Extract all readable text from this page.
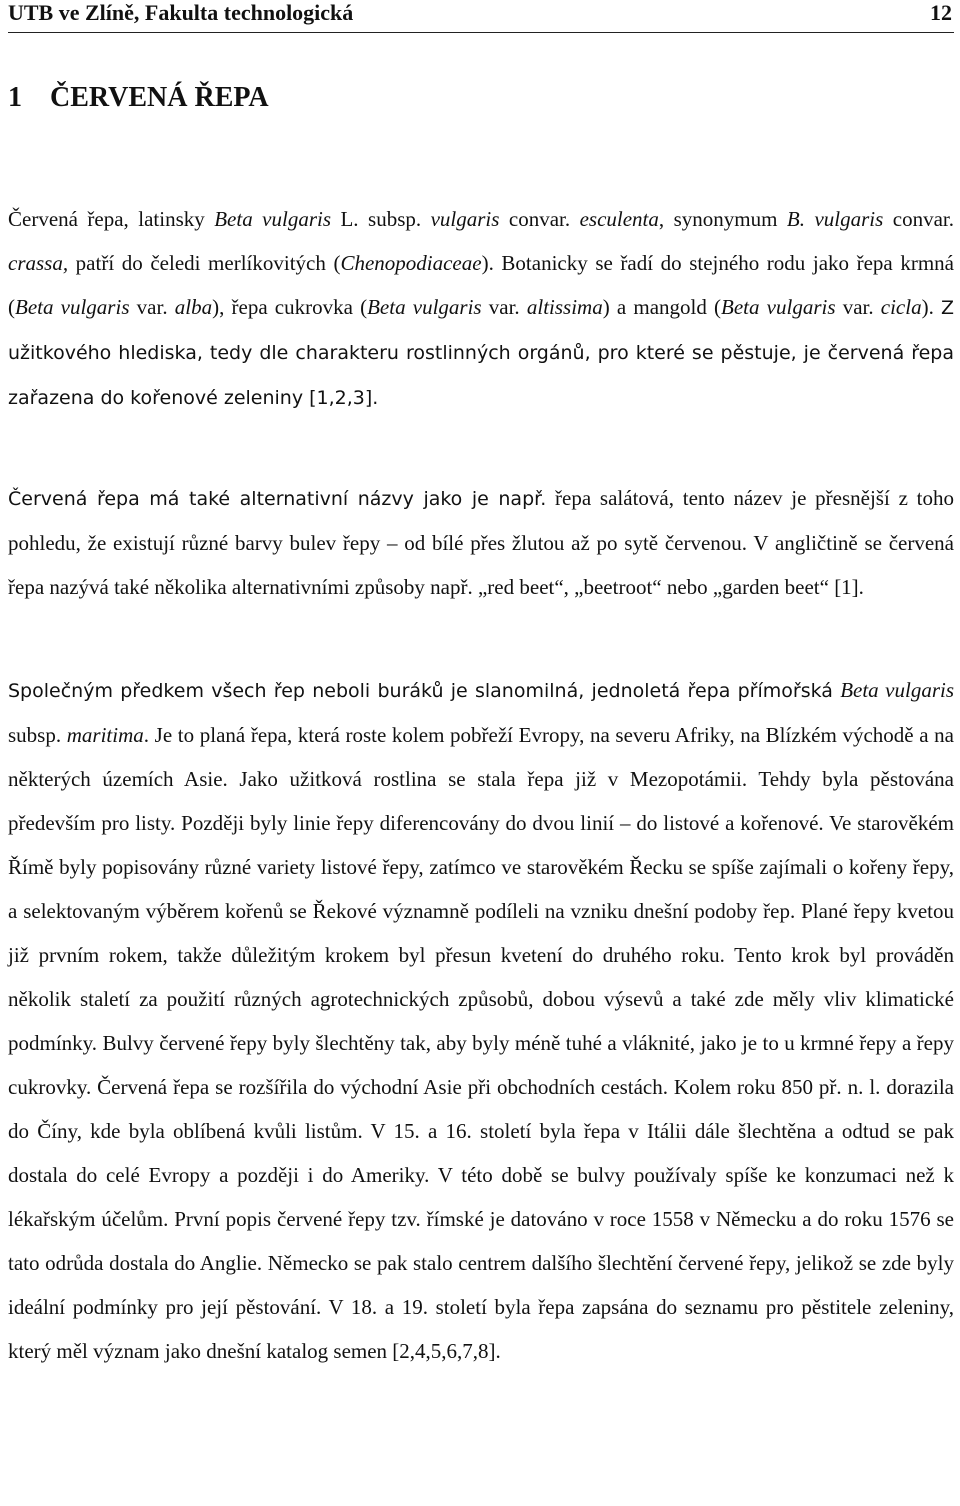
UTB ve Zlíně, Fakulta technologická	12
1 ČERVENÁ ŘEPA

Červená řepa, latinsky Beta vulgaris L. subsp. vulgaris convar. esculenta, synonymum B. vulgaris convar. crassa, patří do čeledi merlíkovitých (Chenopodiaceae). Botanicky se řadí do stejného rodu jako řepa krmná (Beta vulgaris var. alba), řepa cukrovka (Beta vulgaris var. altissima) a mangold (Beta vulgaris var. cicla). Z užitkového hlediska, tedy dle charakteru rostlinných orgánů, pro které se pěstuje, je červená řepa zařazena do kořenové zeleniny [1,2,3].

Červená řepa má také alternativní názvy jako je např. řepa salátová, tento název je přesnější z toho pohledu, že existují různé barvy bulev řepy – od bílé přes žlutou až po sytě červenou. V angličtině se červená řepa nazývá také několika alternativními způsoby např. „red beet“, „beetroot“ nebo „garden beet“ [1].

Společným předkem všech řep neboli buráků je slanomilná, jednoletá řepa přímořská Beta vulgaris subsp. maritima. Je to planá řepa, která roste kolem pobřeží Evropy, na severu Afriky, na Blízkém východě a na některých územích Asie. Jako užitková rostlina se stala řepa již v Mezopotámii. Tehdy byla pěstována především pro listy. Později byly linie řepy diferencovány do dvou linií – do listové a kořenové. Ve starověkém Římě byly popisovány různé variety listové řepy, zatímco ve starověkém Řecku se spíše zajímali o kořeny řepy, a selektovaným výběrem kořenů se Řekové významně podíleli na vzniku dnešní podoby řep. Plané řepy kvetou již prvním rokem, takže důležitým krokem byl přesun kvetení do druhého roku. Tento krok byl prováděn několik staletí za použití různých agrotechnických způsobů, dobou výsevů a také zde měly vliv klimatické podmínky. Bulvy červené řepy byly šlechtěny tak, aby byly méně tuhé a vláknité, jako je to u krmné řepy a řepy cukrovky. Červená řepa se rozšířila do východní Asie při obchodních cestách. Kolem roku 850 př. n. l. dorazila do Číny, kde byla oblíbená kvůli listům. V 15. a 16. století byla řepa v Itálii dále šlechtěna a odtud se pak dostala do celé Evropy a později i do Ameriky. V této době se bulvy používaly spíše ke konzumaci než k lékařským účelům. První popis červené řepy tzv. římské je datováno v roce 1558 v Německu a do roku 1576 se tato odrůda dostala do Anglie. Německo se pak stalo centrem dalšího šlechtění červené řepy, jelikož se zde byly ideální podmínky pro její pěstování. V 18. a 19. století byla řepa zapsána do seznamu pro pěstitele zeleniny, který měl význam jako dnešní katalog semen [2,4,5,6,7,8].
